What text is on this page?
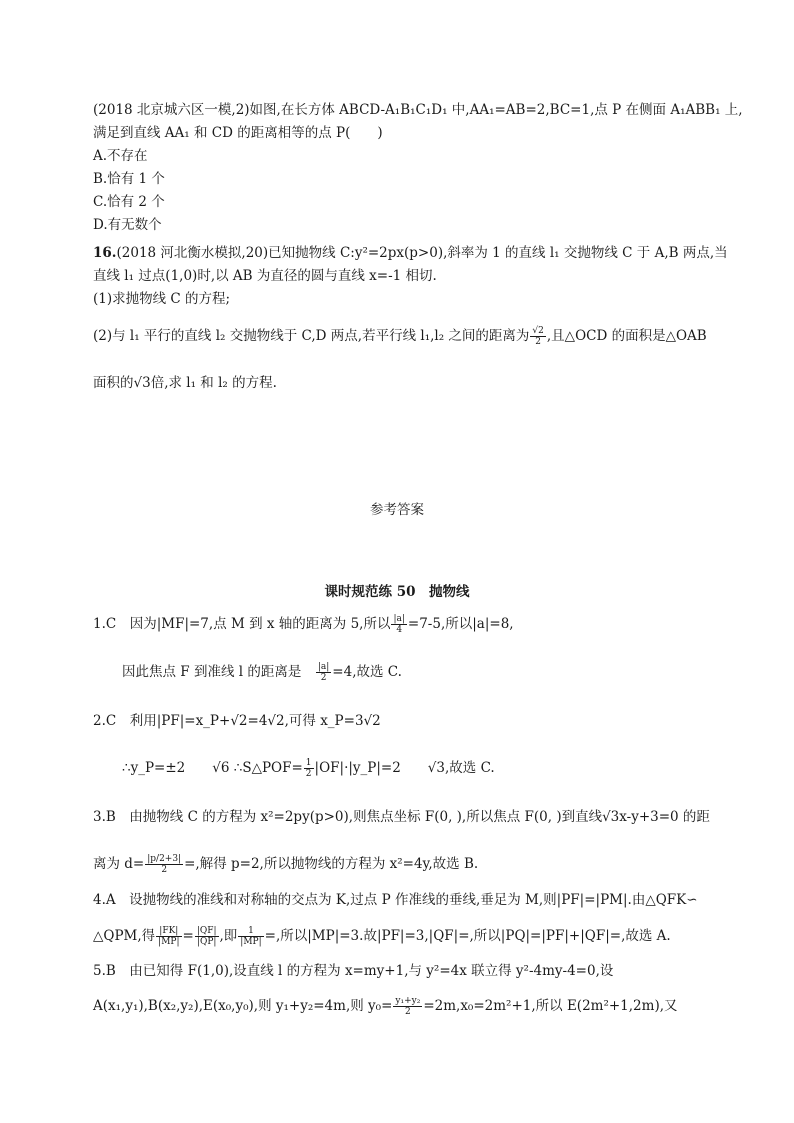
(2018 北京城六区一模,2)如图,在长方体 ABCD-A₁B₁C₁D₁ 中,AA₁=AB=2,BC=1,点 P 在侧面 A₁ABB₁ 上,
满足到直线 AA₁ 和 CD 的距离相等的点 P(　　)
A.不存在
B.恰有 1 个
C.恰有 2 个
D.有无数个
16.(2018 河北衡水模拟,20)已知抛物线 C:y²=2px(p>0),斜率为 1 的直线 l₁ 交抛物线 C 于 A,B 两点,当
直线 l₁ 过点(1,0)时,以 AB 为直径的圆与直线 x=-1 相切.
(1)求抛物线 C 的方程;
(2)与 l₁ 平行的直线 l₂ 交抛物线于 C,D 两点,若平行线 l₁,l₂ 之间的距离为 $\frac{√2}{2}$ ,且△OCD 的面积是△OAB
面积的√3倍,求 l₁ 和 l₂ 的方程.
参考答案
课时规范练 50　抛物线
1.C　因为|MF|=7,点 M 到 x 轴的距离为 5,所以 $\frac{|a|}{4} =7-5$,所以|a|=8,
因此焦点 F 到准线 l 的距离是　 $\frac{|a|}{2} =4$,故选 C.
2.C　利用|PF|=x_P+√2=4√2,可得 x_P=3√2
∴y_P=±2　　√6 ∴S△POF= $\frac{1}{2}$ |OF|·|y_P|=2　　√3,故选 C.
3.B　由抛物线 C 的方程为 x²=2py(p>0),则焦点坐标 F(0, ),所以焦点 F(0, )到直线√3x-y+3=0 的距
离为 $d= \frac{|p/2+3|}{2}$ =,解得 p=2,所以抛物线的方程为 x²=4y,故选 B.
4.A　设抛物线的准线和对称轴的交点为 K,过点 P 作准线的垂线,垂足为 M,则|PF|=|PM|.由△QFK∽
△QPM,得 $\frac{|FK|}{|MP|} = \frac{|QF|}{|QP|}$ ,即 $\frac{1}{|MP|}$ =,所以|MP|=3.故|PF|=3,|QF|=,所以|PQ|=|PF|+|QF|=,故选 A.
5.B　由已知得 F(1,0),设直线 l 的方程为 x=my+1,与 y²=4x 联立得 y²-4my-4=0,设
A(x₁,y₁),B(x₂,y₂),E(x₀,y₀),则 y₁+y₂=4m,则 $y_0= \frac{\text{y₁+y₂}}{2} =2m,x_0=2m^2+1$,所以 E(2m²+1,2m),又
